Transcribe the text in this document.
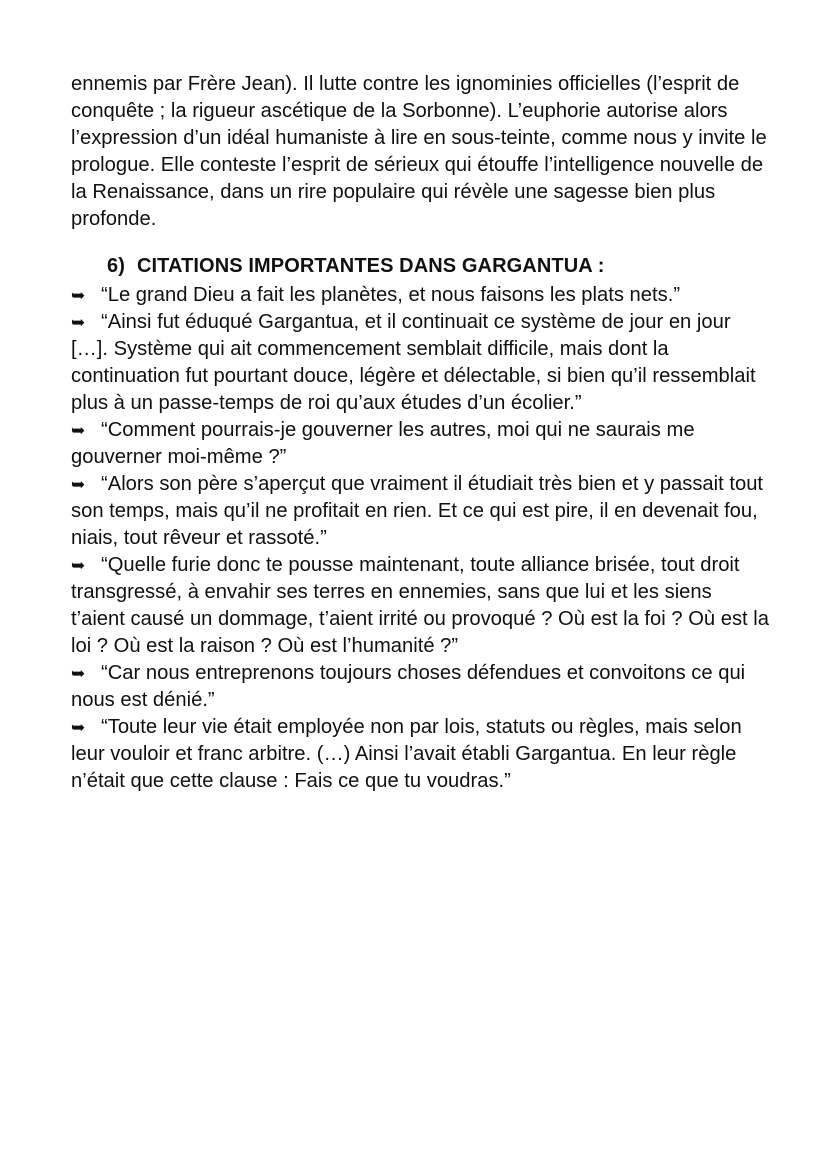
ennemis par Frère Jean). Il lutte contre les ignominies officielles (l’esprit de conquête ; la rigueur ascétique de la Sorbonne). L’euphorie autorise alors l’expression d’un idéal humaniste à lire en sous-teinte, comme nous y invite le prologue. Elle conteste l’esprit de sérieux qui étouffe l’intelligence nouvelle de la Renaissance, dans un rire populaire qui révèle une sagesse bien plus profonde.

6) CITATIONS IMPORTANTES DANS GARGANTUA :

➥ “Le grand Dieu a fait les planètes, et nous faisons les plats nets.”

➥ “Ainsi fut éduqué Gargantua, et il continuait ce système de jour en jour […]. Système qui ait commencement semblait difficile, mais dont la continuation fut pourtant douce, légère et délectable, si bien qu’il ressemblait plus à un passe-temps de roi qu’aux études d’un écolier.”

➥ “Comment pourrais-je gouverner les autres, moi qui ne saurais me gouverner moi-même ?”

➥ “Alors son père s’aperçut que vraiment il étudiait très bien et y passait tout son temps, mais qu’il ne profitait en rien. Et ce qui est pire, il en devenait fou, niais, tout rêveur et rassoté.”

➥ “Quelle furie donc te pousse maintenant, toute alliance brisée, tout droit transgressé, à envahir ses terres en ennemies, sans que lui et les siens t’aient causé un dommage, t’aient irrité ou provoqué ? Où est la foi ? Où est la loi ? Où est la raison ? Où est l’humanité ?”

➥ “Car nous entreprenons toujours choses défendues et convoitons ce qui nous est dénié.”

➥ “Toute leur vie était employée non par lois, statuts ou règles, mais selon leur vouloir et franc arbitre. (…) Ainsi l’avait établi Gargantua. En leur règle n’était que cette clause : Fais ce que tu voudras.”
